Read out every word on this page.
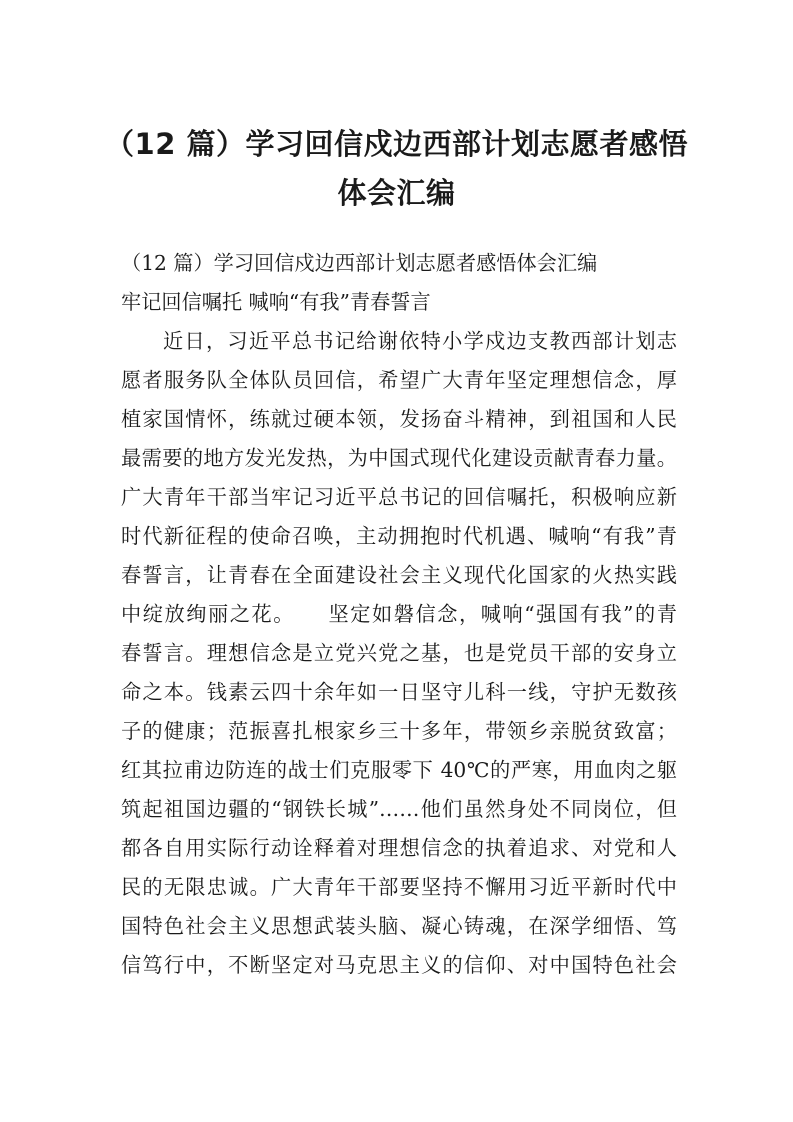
（12 篇）学习回信戍边西部计划志愿者感悟
体会汇编
（12 篇）学习回信戍边西部计划志愿者感悟体会汇编
牢记回信嘱托 喊响“有我”青春誓言
近日，习近平总书记给谢依特小学戍边支教西部计划志
愿者服务队全体队员回信，希望广大青年坚定理想信念，厚
植家国情怀，练就过硬本领，发扬奋斗精神，到祖国和人民
最需要的地方发光发热，为中国式现代化建设贡献青春力量。
广大青年干部当牢记习近平总书记的回信嘱托，积极响应新
时代新征程的使命召唤，主动拥抱时代机遇、喊响“有我”青
春誓言，让青春在全面建设社会主义现代化国家的火热实践
中绽放绚丽之花。　　坚定如磐信念，喊响“强国有我”的青
春誓言。理想信念是立党兴党之基，也是党员干部的安身立
命之本。钱素云四十余年如一日坚守儿科一线，守护无数孩
子的健康；范振喜扎根家乡三十多年，带领乡亲脱贫致富；
红其拉甫边防连的战士们克服零下 40℃的严寒，用血肉之躯
筑起祖国边疆的“钢铁长城”……他们虽然身处不同岗位，但
都各自用实际行动诠释着对理想信念的执着追求、对党和人
民的无限忠诚。广大青年干部要坚持不懈用习近平新时代中
国特色社会主义思想武装头脑、凝心铸魂，在深学细悟、笃
信笃行中，不断坚定对马克思主义的信仰、对中国特色社会
